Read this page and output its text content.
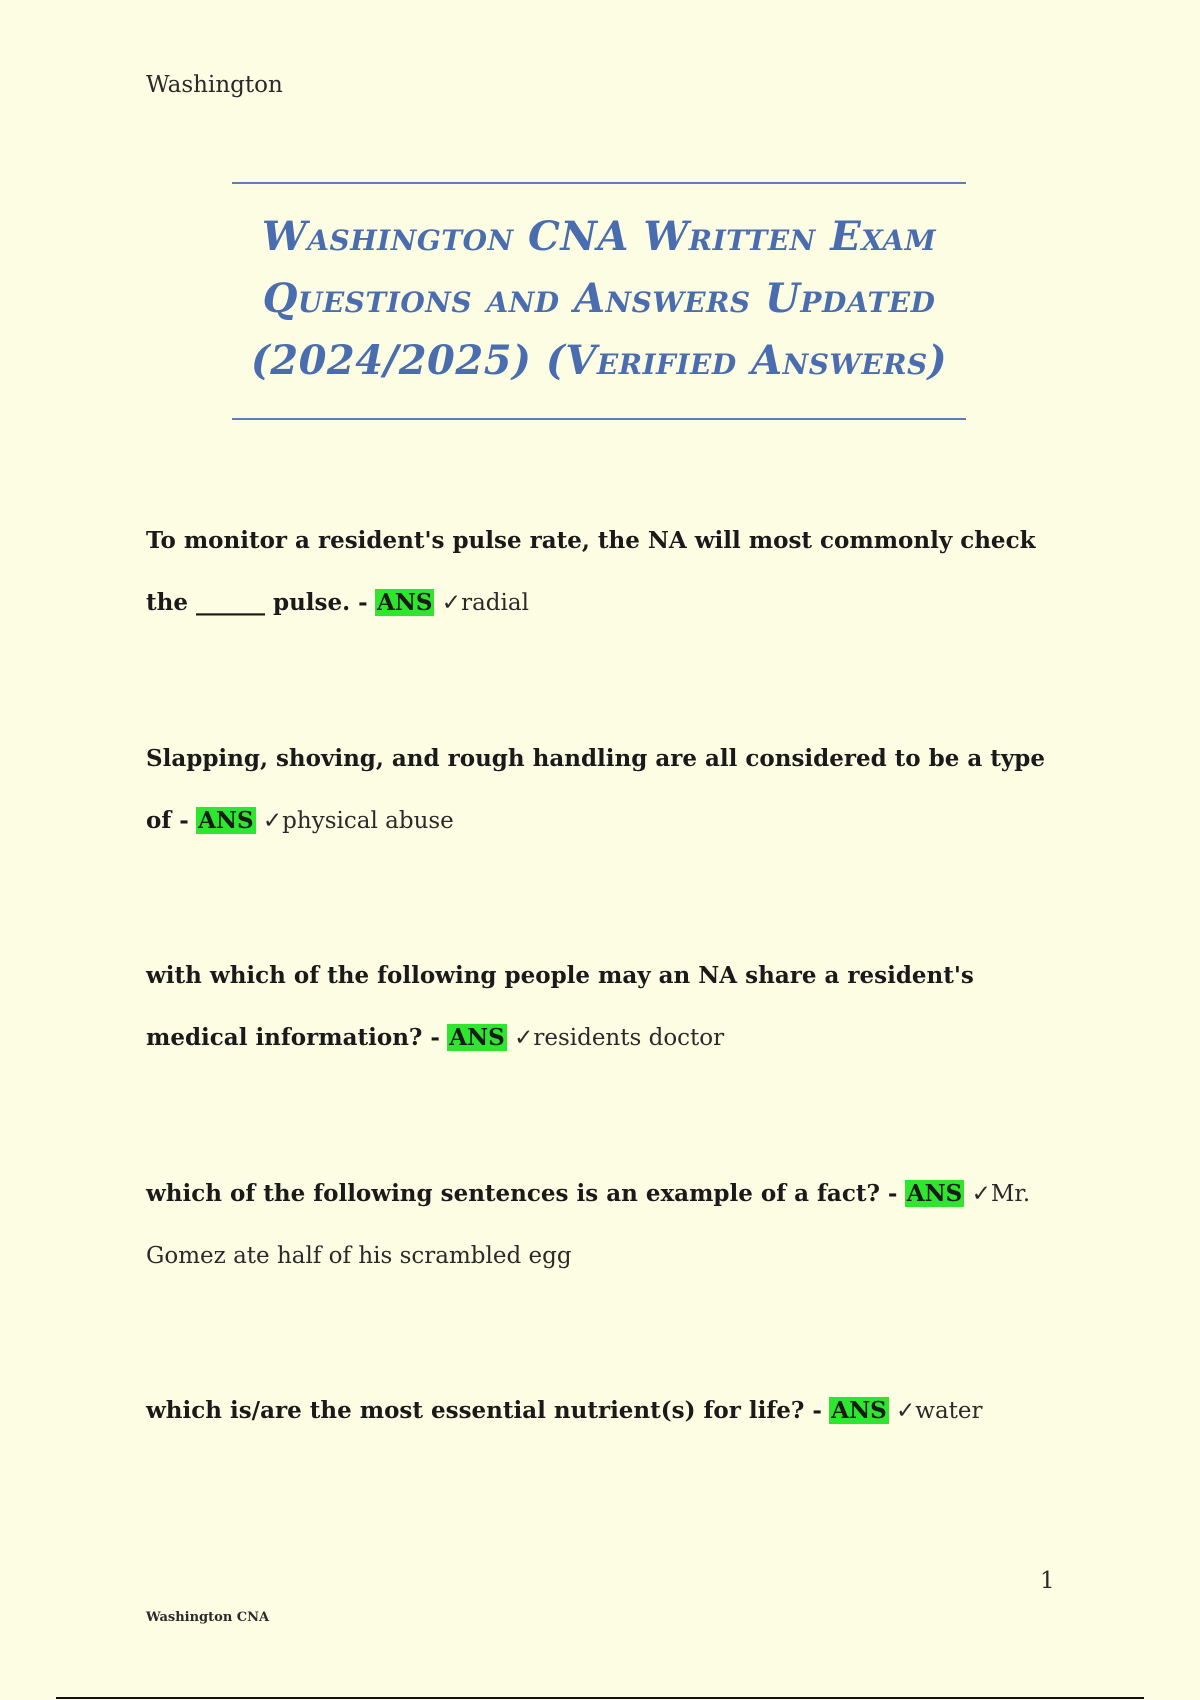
Washington
Washington CNA Written Exam
Questions and Answers Updated
(2024/2025) (Verified Answers)
To monitor a resident's pulse rate, the NA will most commonly check the ______ pulse. - ANS ✓radial
Slapping, shoving, and rough handling are all considered to be a type of - ANS ✓physical abuse
with which of the following people may an NA share a resident's medical information? - ANS ✓residents doctor
which of the following sentences is an example of a fact? - ANS ✓Mr. Gomez ate half of his scrambled egg
which is/are the most essential nutrient(s) for life? - ANS ✓water
1
Washington CNA
